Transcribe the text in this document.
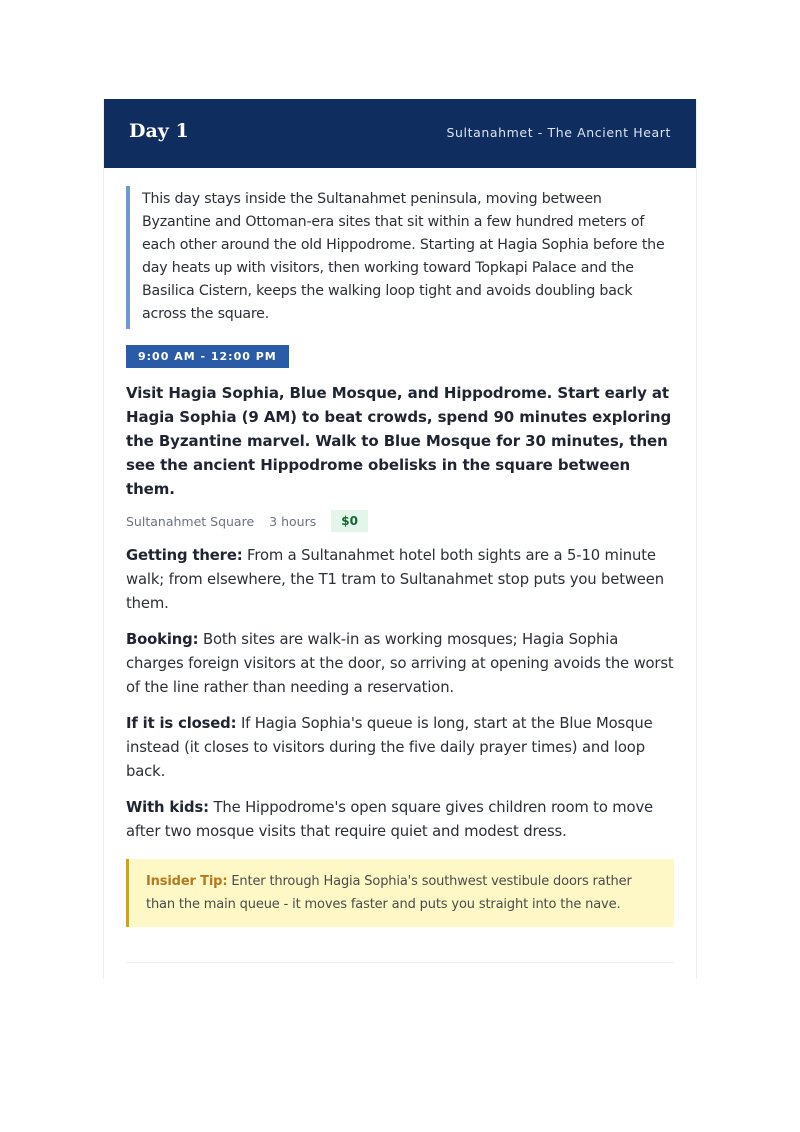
Day 1	Sultanahmet - The Ancient Heart
This day stays inside the Sultanahmet peninsula, moving between Byzantine and Ottoman-era sites that sit within a few hundred meters of each other around the old Hippodrome. Starting at Hagia Sophia before the day heats up with visitors, then working toward Topkapi Palace and the Basilica Cistern, keeps the walking loop tight and avoids doubling back across the square.
9:00 AM - 12:00 PM
Visit Hagia Sophia, Blue Mosque, and Hippodrome. Start early at Hagia Sophia (9 AM) to beat crowds, spend 90 minutes exploring the Byzantine marvel. Walk to Blue Mosque for 30 minutes, then see the ancient Hippodrome obelisks in the square between them.
Sultanahmet Square 3 hours	$0
Getting there: From a Sultanahmet hotel both sights are a 5-10 minute walk; from elsewhere, the T1 tram to Sultanahmet stop puts you between them.
Booking: Both sites are walk-in as working mosques; Hagia Sophia charges foreign visitors at the door, so arriving at opening avoids the worst of the line rather than needing a reservation.
If it is closed: If Hagia Sophia's queue is long, start at the Blue Mosque instead (it closes to visitors during the five daily prayer times) and loop back.
With kids: The Hippodrome's open square gives children room to move after two mosque visits that require quiet and modest dress.
Insider Tip: Enter through Hagia Sophia's southwest vestibule doors rather than the main queue - it moves faster and puts you straight into the nave.
